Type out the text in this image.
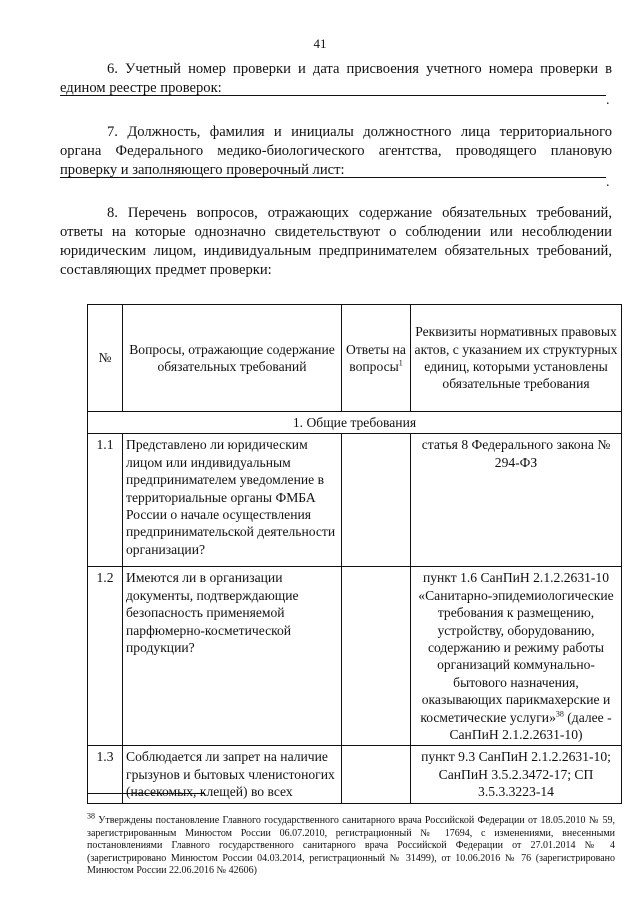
41
6. Учетный номер проверки и дата присвоения учетного номера проверки в едином реестре проверок:
.
7. Должность, фамилия и инициалы должностного лица территориального органа Федерального медико-биологического агентства, проводящего плановую проверку и заполняющего проверочный лист:
.
8. Перечень вопросов, отражающих содержание обязательных требований, ответы на которые однозначно свидетельствуют о соблюдении или несоблюдении юридическим лицом, индивидуальным предпринимателем обязательных требований, составляющих предмет проверки:
№	Вопросы, отражающие содержание обязательных требований	Ответы на вопросы$^1$	Реквизиты нормативных правовых актов, с указанием их структурных единиц, которыми установлены обязательные требования
1. Общие требования			
1.1	Представлено ли юридическим лицом или индивидуальным предпринимателем уведомление в территориальные органы ФМБА России о начале осуществления предпринимательской деятельности организации?		статья 8 Федерального закона № 294-ФЗ
1.2	Имеются ли в организации документы, подтверждающие безопасность применяемой парфюмерно-косметической продукции?		пункт 1.6 СанПиН 2.1.2.2631-10 «Санитарно-эпидемиологические требования к размещению, устройству, оборудованию, содержанию и режиму работы организаций коммунально-бытового назначения, оказывающих парикмахерские и косметические услуги»$^{38}$ (далее - СанПиН 2.1.2.2631-10)
1.3	Соблюдается ли запрет на наличие грызунов и бытовых членистоногих (насекомых, клещей) во всех		пункт 9.3 СанПиН 2.1.2.2631-10; СанПиН 3.5.2.3472-17; СП 3.5.3.3223-14
$^{38}$ Утверждены постановление Главного государственного санитарного врача Российской Федерации от 18.05.2010 № 59, зарегистрированным Минюстом России 06.07.2010, регистрационный № 17694, с изменениями, внесенными постановлениями Главного государственного санитарного врача Российской Федерации от 27.01.2014 № 4 (зарегистрировано Минюстом России 04.03.2014, регистрационный № 31499), от 10.06.2016 № 76 (зарегистрировано Минюстом России 22.06.2016 № 42606)
